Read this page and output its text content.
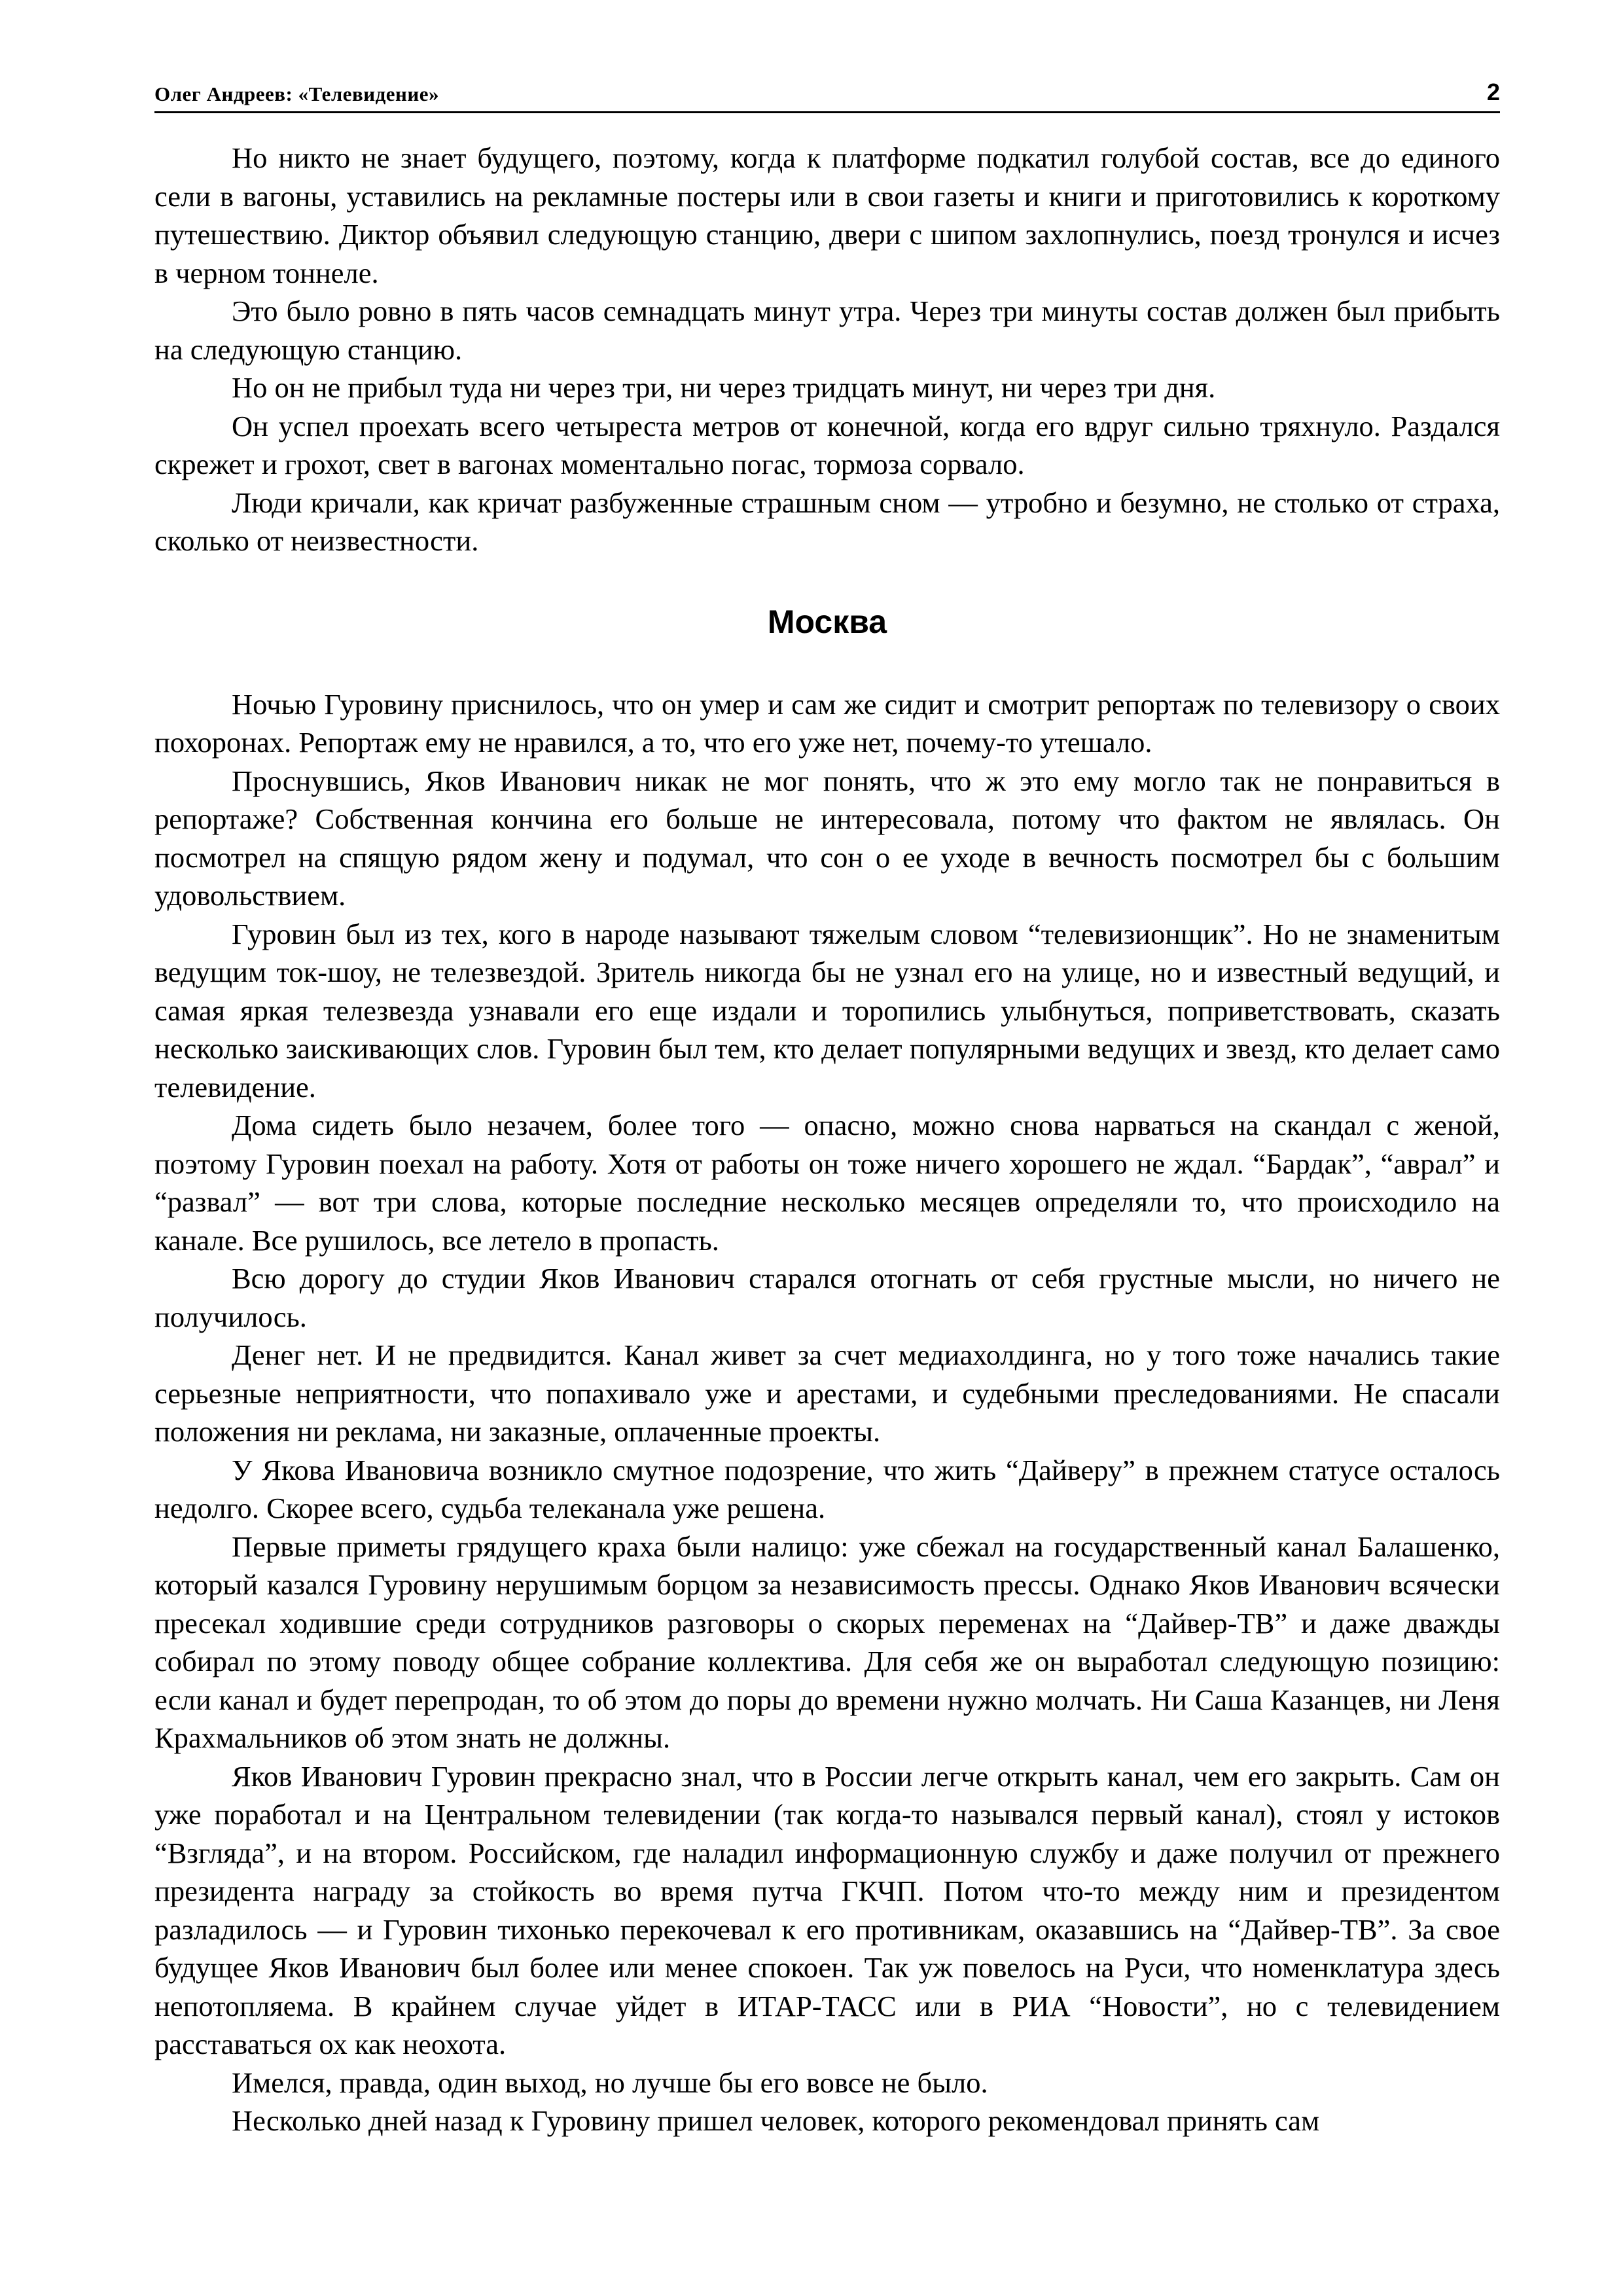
Олег Андреев: «Телевидение»	2

Но никто не знает будущего, поэтому, когда к платформе подкатил голубой состав, все до единого сели в вагоны, уставились на рекламные постеры или в свои газеты и книги и приготовились к короткому путешествию. Диктор объявил следующую станцию, двери с шипом захлопнулись, поезд тронулся и исчез в черном тоннеле.

Это было ровно в пять часов семнадцать минут утра. Через три минуты состав должен был прибыть на следующую станцию.

Но он не прибыл туда ни через три, ни через тридцать минут, ни через три дня.

Он успел проехать всего четыреста метров от конечной, когда его вдруг сильно тряхнуло. Раздался скрежет и грохот, свет в вагонах моментально погас, тормоза сорвало.

Люди кричали, как кричат разбуженные страшным сном — утробно и безумно, не столько от страха, сколько от неизвестности.

Москва

Ночью Гуровину приснилось, что он умер и сам же сидит и смотрит репортаж по телевизору о своих похоронах. Репортаж ему не нравился, а то, что его уже нет, почему-то утешало.

Проснувшись, Яков Иванович никак не мог понять, что ж это ему могло так не понравиться в репортаже? Собственная кончина его больше не интересовала, потому что фактом не являлась. Он посмотрел на спящую рядом жену и подумал, что сон о ее уходе в вечность посмотрел бы с большим удовольствием.

Гуровин был из тех, кого в народе называют тяжелым словом “телевизионщик”. Но не знаменитым ведущим ток-шоу, не телезвездой. Зритель никогда бы не узнал его на улице, но и известный ведущий, и самая яркая телезвезда узнавали его еще издали и торопились улыбнуться, поприветствовать, сказать несколько заискивающих слов. Гуровин был тем, кто делает популярными ведущих и звезд, кто делает само телевидение.

Дома сидеть было незачем, более того — опасно, можно снова нарваться на скандал с женой, поэтому Гуровин поехал на работу. Хотя от работы он тоже ничего хорошего не ждал. “Бардак”, “аврал” и “развал” — вот три слова, которые последние несколько месяцев определяли то, что происходило на канале. Все рушилось, все летело в пропасть.

Всю дорогу до студии Яков Иванович старался отогнать от себя грустные мысли, но ничего не получилось.

Денег нет. И не предвидится. Канал живет за счет медиахолдинга, но у того тоже начались такие серьезные неприятности, что попахивало уже и арестами, и судебными преследованиями. Не спасали положения ни реклама, ни заказные, оплаченные проекты.

У Якова Ивановича возникло смутное подозрение, что жить “Дайверу” в прежнем статусе осталось недолго. Скорее всего, судьба телеканала уже решена.

Первые приметы грядущего краха были налицо: уже сбежал на государственный канал Балашенко, который казался Гуровину нерушимым борцом за независимость прессы. Однако Яков Иванович всячески пресекал ходившие среди сотрудников разговоры о скорых переменах на “Дайвер-ТВ” и даже дважды собирал по этому поводу общее собрание коллектива. Для себя же он выработал следующую позицию: если канал и будет перепродан, то об этом до поры до времени нужно молчать. Ни Саша Казанцев, ни Леня Крахмальников об этом знать не должны.

Яков Иванович Гуровин прекрасно знал, что в России легче открыть канал, чем его закрыть. Сам он уже поработал и на Центральном телевидении (так когда-то назывался первый канал), стоял у истоков “Взгляда”, и на втором. Российском, где наладил информационную службу и даже получил от прежнего президента награду за стойкость во время путча ГКЧП. Потом что-то между ним и президентом разладилось — и Гуровин тихонько перекочевал к его противникам, оказавшись на “Дайвер-ТВ”. За свое будущее Яков Иванович был более или менее спокоен. Так уж повелось на Руси, что номенклатура здесь непотопляема. В крайнем случае уйдет в ИТАР-ТАСС или в РИА “Новости”, но с телевидением расставаться ох как неохота.

Имелся, правда, один выход, но лучше бы его вовсе не было.

Несколько дней назад к Гуровину пришел человек, которого рекомендовал принять сам
